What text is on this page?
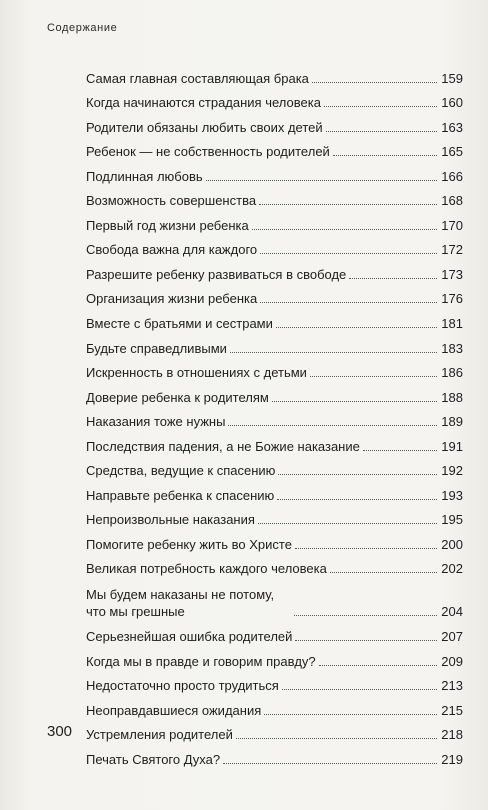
Содержание
Самая главная составляющая брака	159
Когда начинаются страдания человека	160
Родители обязаны любить своих детей	163
Ребенок — не собственность родителей	165
Подлинная любовь	166
Возможность совершенства	168
Первый год жизни ребенка	170
Свобода важна для каждого	172
Разрешите ребенку развиваться в свободе	173
Организация жизни ребенка	176
Вместе с братьями и сестрами	181
Будьте справедливыми	183
Искренность в отношениях с детьми	186
Доверие ребенка к родителям	188
Наказания тоже нужны	189
Последствия падения, а не Божие наказание	191
Средства, ведущие к спасению	192
Направьте ребенка к спасению	193
Непроизвольные наказания	195
Помогите ребенку жить во Христе	200
Великая потребность каждого человека	202
Мы будем наказаны не потому, что мы грешные	204
Серьезнейшая ошибка родителей	207
Когда мы в правде и говорим правду?	209
Недостаточно просто трудиться	213
Неоправдавшиеся ожидания	215
Устремления родителей	218
Печать Святого Духа?	219
300
